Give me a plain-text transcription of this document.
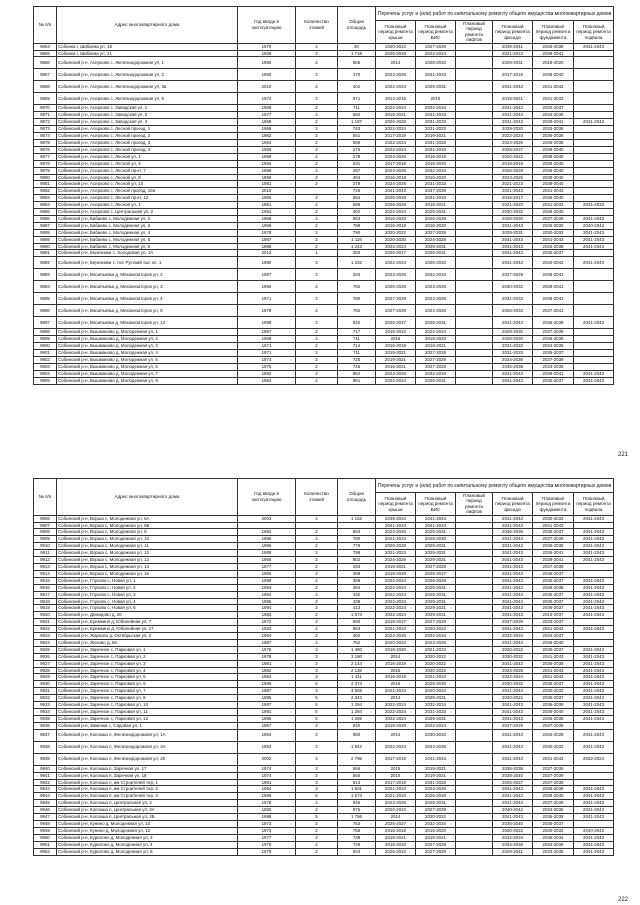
№ п/п	Адрес многоквартирного дома	Год ввода в эксплуатацию	Количество этажей	Общая площадь	Перечень услуг и (или) работ по капитальному ремонту общего имущества многоквартирных домов					
					Плановый период ремонта крыши	Плановый период ремонта ВИС	Плановый период ремонта лифтов	Плановый период ремонта фасада	Плановый период ремонта фундамента	Плановый период ремонта подвала
9864	Собинка г, Шибаева ул, 18	1970	2	30	2020-2022	2027-2029		2039-2041	2036-2038	2041-2043
9865	Собинка г, Шибаева ул, 21	1926	3	1 718	2026-2028	2022-2024		2021-2023	2038-2041	
9866	Собинский р-н, Асерхово с, Железнодорожная ул, 1	1965	2	865	2014	2028-2032		2029-2031	2018-2020	
9867	Собинский р-н, Асерхово с, Железнодорожная ул, 2	1950	2	470	2024-2026	2031-2033		2017-2018	2038-2040	
9868	Собинский р-н, Асерхово с, Железнодорожная ул, 3а	2010	2	402	2022-2024	2029-2031		2041-2043	2041-2043	
9869	Собинский р-н, Асерхово с, Железнодорожная ул, 5	1974	2	971	2014-2016	2015		2019-2021	2031-2033	
9870	Собинский р-н, Асерхово с, Заводская ул, 1	1968	2	711	2022-2024	2032-2034		2041-2043	2032-2037	
9871	Собинский р-н, Асерхово с, Заводская ул, 2	1977	2	582	2019-2021	2031-2033		2041-2043	2034-2036	
9872	Собинский р-н, Асерхово с, Заводская ул, 3	1968	2	1 197	2026-2028	2031-2033		2041-2043	2039-2041	2041-2043
9873	Собинский р-н, Асерхово с, Лесной проезд, 1	1966	2	743	2022-2024	2031-2033		2029-2020	2033-2035	
9874	Собинский р-н, Асерхово с, Лесной проезд, 2	1962	2	551	2017-2019	2019-2021		2022-2024	2036-2038	
9875	Собинский р-н, Асерхово с, Лесной проезд, 3	1964	2	569	2022-2024	2031-2033		2024-2026	2036-2038	
9876	Собинский р-н, Асерхово с, Лесной проезд, 4	1959	2	275	2022-2024	2031-2033		2025-2027	2038-2040	
9877	Собинский р-н, Асерхово с, Лесной ул, 1	1969	2	278	2024-2026	2016-2018		2020-2022	2038-2040	
9878	Собинский р-н, Асерхово с, Лесной ул, 4	1956	2	531	2017-2019	2018-2020		2018-2019	2038-2040	
9879	Собинский р-н, Асерхово с, Лесной пр-кт, 7	1959	2	297	2024-2026	2032-2034		2026-2028	2036-2040	
9880	Собинский р-н, Асерхово с, Лесной ул, 8	1959	2	494	2016-2018	2016-2020		2023-2025	2038-2040	
9881	Собинский р-н, Асерхово с, Лесной ул, 10	1981	2	278	2024-2026	2031-2033		2021-2023	2038-2040	
9882	Собинский р-н, Асерхово с, Лесной проезд, 10а	2010		725	2041-2043	2037-2039		2041-2043	2041-2043	
9883	Собинский р-н, Асерхово с, Лесной пр-кт, 12	1966	2	554	2026-2028	2031-2033		2016-2017	2036-2040	
9884	Собинский р-н, Асерхово с, Лесной ул, 1	1961	2	598	2026-2028	2018-2021		2021-2023	2031-2033	2031-2033
9885	Собинский р-н, Асерхово с, Центральная ул, 2	1952	2	402	2022-2024	2029-2031		2030-2032	2036-2040	
9886	Собинский р-н, Бабаево с, Молодежная ул, 2	1968	2	963	2016-2020	2026-2028		2028-2030	2037-2039	2041-2043
9887	Собинский р-н, Бабаево с, Молодежная ул, 3	1968	2	788	2016-2018	2016-2020		2041-2043	2026-2030	2040-2042
9888	Собинский р-н, Бабаево с, Молодежная ул, 4	1978	2	790	2020-2022	2027-2029		2029-2031	2030-2032	2041-2043
9889	Собинский р-н, Бабаево с, Молодежная ул, 5	1987	2	1 116	2026-2030	2024-2028		2041-2043	2041-2043	2041-2043
9890	Собинский р-н, Бабаево с, Молодежная ул, 6	1988	2	1 243	2022-2024	2029-2031		2041-2043	2026-2038	2041-2043
9891	Собинский р-н, Березники с, Холодовая ул, 1А	2012	1	250	2025-2027	2029-2031		2041-2043	2035-2037	
9892	Собинский р-н, Березники с, пос Русский тыс ол, 1	1980	3	1 332	2022-2024	2026-2032		2041-2043	2040-2042	2041-2043
9893	Собинский р-н, Васильевка д, Механизаторов ул, 2	1967	2	333	2023-2025	2032-2034		2027-2029	2038-2041	
9894	Собинский р-н, Васильевка д, Механизаторов ул, 3	1966	2	782	2026-2028	2023-2025		2030-2032	2039-2041	
9895	Собинский р-н, Васильевка д, Механизаторов ул, 4	1971	2	780	2027-2029	2024-2026		2031-2033	2038-2041	
9896	Собинский р-н, Васильевка д, Механизаторов ул, 5	1978	2	782	2027-2029	2024-2026		2026-2033	2037-2041	
9897	Собинский р-н, Васильевка д, Механизаторов ул, 12	1998	2	840	2025-2027	2029-2031		2041-2043	2036-2038	2041-2043
9898	Собинский р-н, Вышманово д, Молодежная ул, 1	1967	2	717	2018-2022	2022-2024		2028-2030	2037-2039	
9899	Собинский р-н, Вышманово д, Молодежная ул, 2	1969	2	711	2016	2018-2020		2028-2030	2036-2038	
9900	Собинский р-н, Вышманово д, Молодежная ул, 3	1971	2	714	2016-2018	2018-2021		2031-2033	2034-2036	
9901	Собинский р-н, Вышманово д, Молодежная ул, 4	1971	2	711	2019-2021	2027-2028		2031-2033	2035-2037	
9902	Собинский р-н, Вышманово д, Молодежная ул, 5	1974	2	725	2019-2021	2027-2029		2034-2036	2037-2039	
9903	Собинский р-н, Вышманово д, Молодежная ул, 6	1976	2	745	2016-2021	2027-2029		2036-2038	2033-2035	
9904	Собинский р-н, Вышманово д, Молодежная ул, 7	1982	2	852	2024-2026	2032-2034		2041-2043	2039-2041	2041-2043
9905	Собинский р-н, Вышманово д, Молодежная ул, 8	1983	2	951	2022-2024	2029-2031		2041-2043	2035-2037	2041-2043
221
№ п/п	Адрес многоквартирного дома	Год ввода в эксплуатацию	Количество этажей	Общая площадь	Перечень услуг и (или) работ по капитальному ремонту общего имущества многоквартирных домов					
					Плановый период ремонта крыши	Плановый период ремонта ВИС	Плановый период ремонта лифтов	Плановый период ремонта фасада	Плановый период ремонта фундамента	Плановый период ремонта подвала
9906	Собинский р-н, Ворша с, Молодежная ул, 6А	2003	2	1 152	2039-2034	2041-2043		2041-2043	2030-2032	2041-2043
9907	Собинский р-н, Ворша с, Молодежная ул, 6Б				2041-2043	2041-2043		2041-2043	2041-2043	
9908	Собинский р-н, Ворша с, Молодежная ул, 8	1982	2	663	2023-2025	2029-2031		2036-2038	2035-2037	2041-2043
9909	Собинский р-н, Ворша с, Молодежная ул, 10	1986	2	780	2021-2023	2028-2030		2041-2043	2037-2039	2041-2043
9910	Собинский р-н, Ворша с, Молодежная ул, 11	1986	2	778	2026-2028	2029-2031		2041-2043	2036-2038	2041-2043
9911	Собинский р-н, Ворша с, Молодежная ул, 12	1989	2	798	2021-2023	2029-2031		2041-2043	2036-2041	2041-2043
9912	Собинский р-н, Ворша с, Молодежная ул, 13	1966	2	802	2024-2026	2029-2031		2041-2043	2039-2041	2041-2043
9913	Собинский р-н, Ворша с, Молодежная ул, 14	1977	2	283	2019-2021	2027-2028		2041-2043	2037-2039	
9914	Собинский р-н, Ворша с, Молодежная ул, 15	1966	2	269	2018-2020	2025-2027		2041-2043	2035-2037	
9915	Собинский р-н, Глухово с, Новая ул, 1	1989	2	398	2022-2024	2026-2028		2041-2043	2035-2037	2041-2043
9916	Собинский р-н, Глухово с, Новая ул, 2	1993	2	384	2022-2024	2029-2031		2041-2043	2036-2038	2041-2043
9917	Собинский р-н, Глухово с, Новая ул, 3	1994	2	432	2022-2024	2029-2031		2041-2043	2035-2037	2041-2043
9918	Собинский р-н, Глухово с, Новая ул, 4	1995	2	439	2022-2024	2029-2031		2041-2043	2035-2037	2041-2043
9919	Собинский р-н, Глухово с, Новая ул, 5	1994	2	413	2022-2024	2029-2031		2041-2043	2036-2037	2041-2043
9920	Собинский р-н, Демидово д, 26	1983	2	1 673	2022-2024	2029-2031		2041-2043	2016-2037	2041-2043
9921	Собинский р-н, Еремкино д, Юбилейная ул, 7	1972	2	680	2018-2027	2027-2029		2037-2039	2033-2037	
9922	Собинский р-н, Еремкино д, Юбилейная ул, 17	1922	2	863	2021-2023	2020-2022		2041-2043	2041-2043	2041-2043
9923	Собинский р-н, Жарково д, Октябрьская ул, 2	1984	2	462	2024-2026	2032-2034		2032-2034	2034-2037	
9924	Собинский р-н, Жохово д, 66	1987	2	752	2020-2022	2023-2025		2041-2043	2036-2040	
9925	Собинский р-н, Заречное с, Парковая ул, 1	1978	3	1 490	2018-2020	2021-2023		2020-2022	2035-2037	2041-2043
9926	Собинский р-н, Заречное с, Парковая ул, 2	1978	3	3 180	2014	2020-2022		2030-2032	2041-2043	2041-2043
9927	Собинский р-н, Заречное с, Парковая ул, 3	1981	2	2 144	2016-2019	2020-2022		2041-2043	2036-2038	2041-2043
9928	Собинский р-н, Заречное с, Парковая ул, 4	1982	3	2 136	2016	2020-2022		2023-2025	2041-2043	2041-2043
9929	Собинский р-н, Заречное с, Парковая ул, 5	1983	3	1 411	2016-2018	2021-2023		2022-2024	2041-2043	2041-2043
9930	Собинский р-н, Заречное с, Парковая ул, 6	1986	5	2 374	2016	2028-2030		2030-2032	2035-2037	2041-2043
9931	Собинский р-н, Заречное с, Парковая ул, 7	1987	3	3 555	2021-2023	2020-2022		2041-2043	2030-2032	2041-2043
9932	Собинский р-н, Заречное с, Парковая ул, 8	1985	5	2 343	2014	2029-2031		2020-2022	2035-2037	2041-2043
9933	Собинский р-н, Заречное с, Парковая ул, 10	1987	5	1 294	2022-2024	2032-2034		2041-2043	2036-2038	2041-2043
9934	Собинский р-н, Заречное с, Парковая ул, 11	1991	5	1 294	2022-2024	2031-2033		2041-2043	2036-2040	2041-2043
9935	Собинский р-н, Заречное с, Парковая ул, 12	1995	5	1 285	2022-2024	2029-2031		2041-2043	2036-2038	2041-2043
9936	Собинский р-н, Зименки с, Садовая ул, 1	1967	2	840	2018-2020	2022-2024		2027-2029	2037-2039	
9937	Собинский р-н, Колокша п, Железнодорожная ул, 1А	1964	2	960	2014	2030-2032		2041-2043	2026-2028	2041-2043
9938	Собинский р-н, Колокша п, Железнодорожная ул, 2А	1963	2	1 842	2022-2024	2034-2036		2041-2043	2030-2032	2041-2043
9939	Собинский р-н, Колокша п, Железнодорожная ул, 25	2002	3	2 796	2017-2019	2041-2043		2041-2043	2041-2043	2022-2024
9940	Собинский р-н, Колокша п, Заречная ул, 17	1974	2	566	2015	2019-2021		2036-2038	2037-2039	
9941	Собинский р-н, Колокша п, Заречная ул, 18	1974	2	560	2015	2019-2021		2038-2040	2037-2039	
9942	Собинский р-н, Колокша п, им Строителей тер, 1	1981	3	813	2017-2019	2031-2033		2025-2027	2037-2039	
9943	Собинский р-н, Колокша п, им Строителей тер, 2	1984	3	1 631	2021-2023	2023-2025		2041-2043	2036-2038	2041-2043
9944	Собинский р-н, Колокша п, им Строителей тер, 3	1988	5	1 574	2021-2023	2026-2028		2041-2043	2038-2040	2041-2043
9945	Собинский р-н, Колокша п, Центральная ул, 2	1978	2	946	2023-2025	2029-2031		2041-2043	2037-2039	2041-2043
9946	Собинский р-н, Колокша п, Центральная ул, 2А	1980	2	975	2020-2022	2027-2029		2040-2042	2034-2036	2041-2043
9947	Собинский р-н, Колокша п, Центральная ул, 2Б	1998	5	1 786	2014	2020-2022		2041-2043	2036-2038	2041-2043
9948	Собинский р-н, Кунино д, Молодежная ул, 10	1973	2	763	2025-2027	2032-2034		2036-2040	2035-2037	
9949	Собинский р-н, Кунино д, Молодежная ул, 12	1973	2	758	2016-2018	2016-2020		2020-2022	2030-2032	2040-2042
9950	Собинский р-н, Курилово д, Молодежная ул, 2	1977	2	738	2018-2021	2019-2021		2032-2034	2035-2034	2041-2043
9951	Собинский р-н, Курилово д, Молодежная ул, 4	1975	2	729	2018-2020	2027-2029		2034-2036	2034-2036	2041-2043
9952	Собинский р-н, Курилово д, Молодежная ул, 8	1979	2	933	2026-2022	2027-2029		2029-2041	2033-2035	2041-2043
222
